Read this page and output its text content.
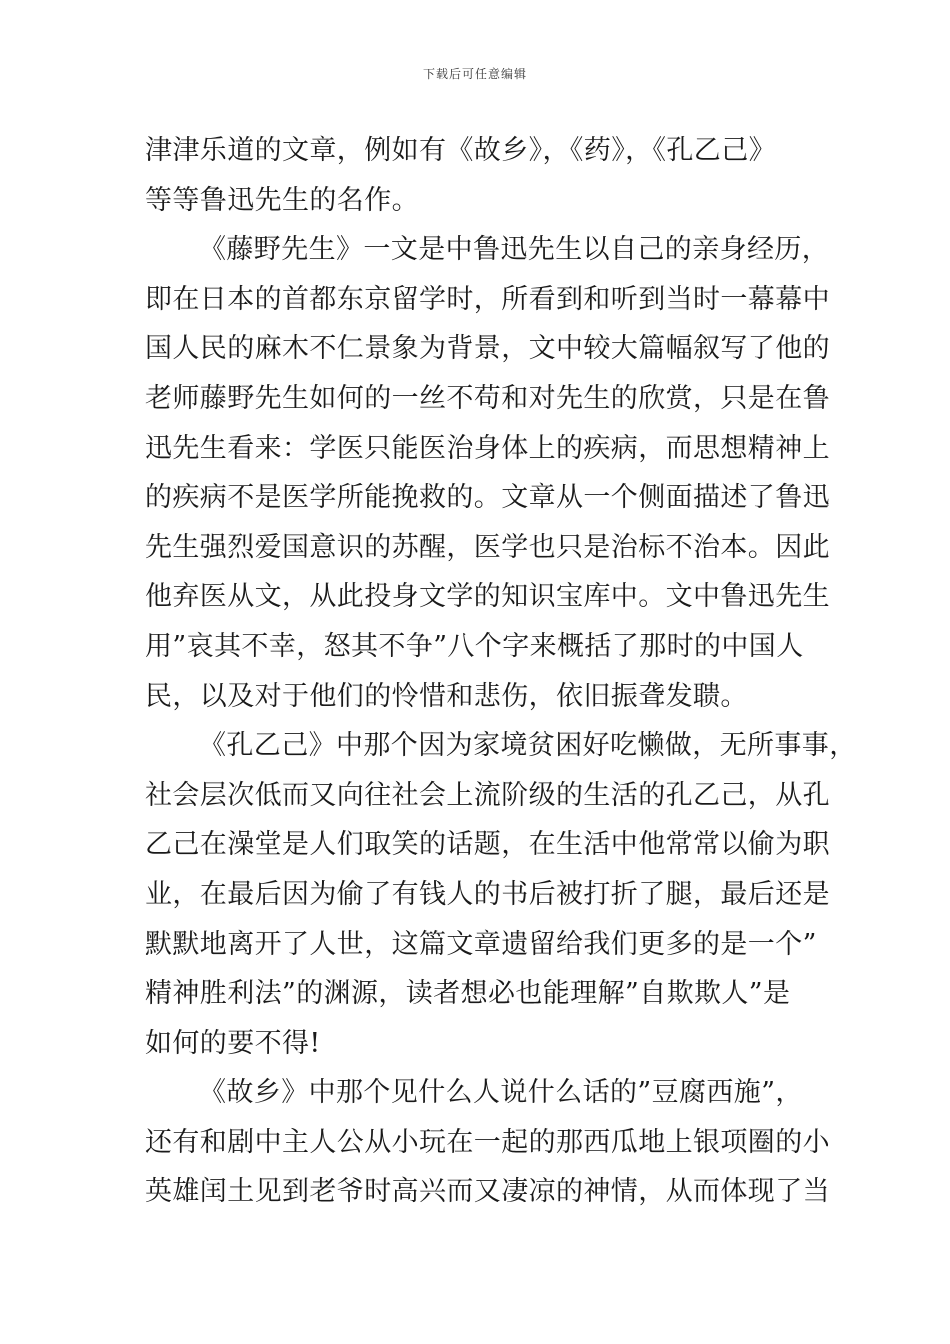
下载后可任意编辑
津津乐道的文章，例如有《故乡》，《药》，《孔乙己》
等等鲁迅先生的名作。
《藤野先生》一文是中鲁迅先生以自己的亲身经历，
即在日本的首都东京留学时，所看到和听到当时一幕幕中
国人民的麻木不仁景象为背景，文中较大篇幅叙写了他的
老师藤野先生如何的一丝不苟和对先生的欣赏，只是在鲁
迅先生看来：学医只能医治身体上的疾病，而思想精神上
的疾病不是医学所能挽救的。文章从一个侧面描述了鲁迅
先生强烈爱国意识的苏醒，医学也只是治标不治本。因此
他弃医从文，从此投身文学的知识宝库中。文中鲁迅先生
用”哀其不幸，怒其不争”八个字来概括了那时的中国人
民，以及对于他们的怜惜和悲伤，依旧振聋发聩。
《孔乙己》中那个因为家境贫困好吃懒做，无所事事，
社会层次低而又向往社会上流阶级的生活的孔乙己，从孔
乙己在澡堂是人们取笑的话题，在生活中他常常以偷为职
业，在最后因为偷了有钱人的书后被打折了腿，最后还是
默默地离开了人世，这篇文章遗留给我们更多的是一个”
精神胜利法”的渊源，读者想必也能理解”自欺欺人”是
如何的要不得!
《故乡》中那个见什么人说什么话的”豆腐西施”，
还有和剧中主人公从小玩在一起的那西瓜地上银项圈的小
英雄闰土见到老爷时高兴而又凄凉的神情，从而体现了当
